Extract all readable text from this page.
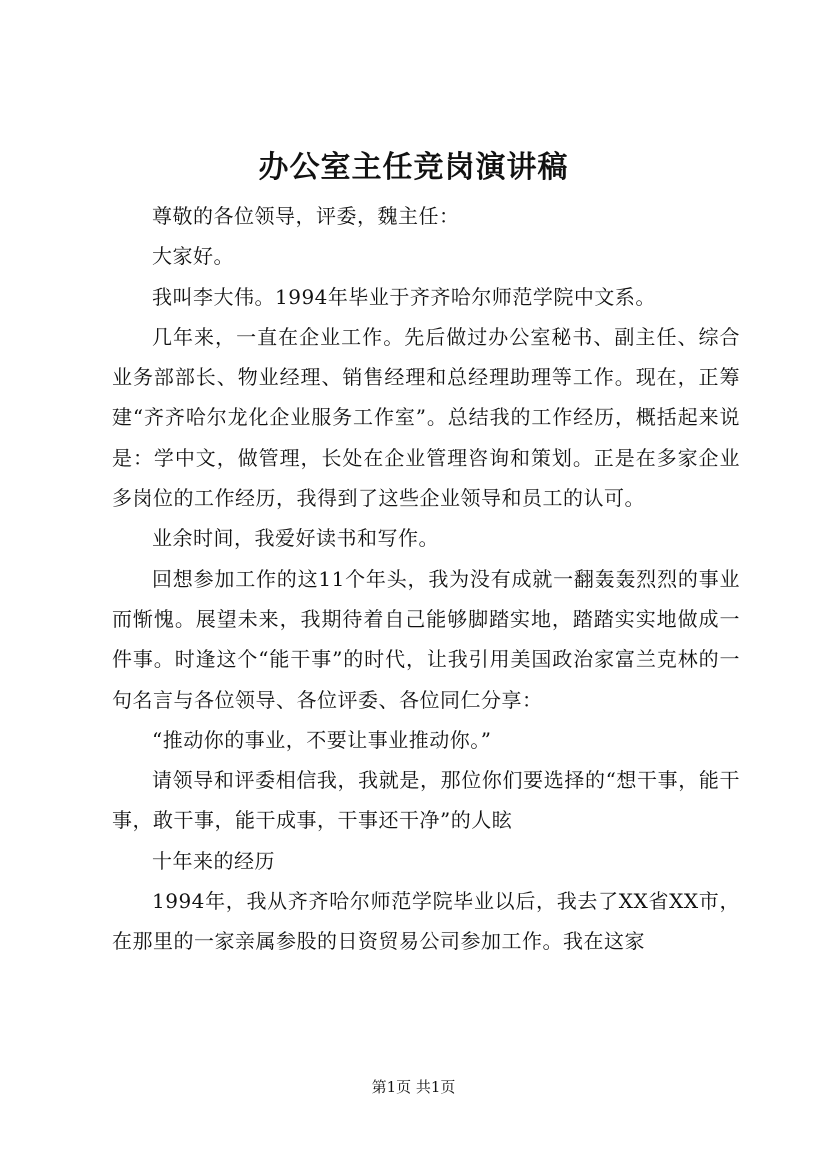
办公室主任竞岗演讲稿

尊敬的各位领导，评委，魏主任：

大家好。

我叫李大伟。1994年毕业于齐齐哈尔师范学院中文系。

几年来，一直在企业工作。先后做过办公室秘书、副主任、综合业务部部长、物业经理、销售经理和总经理助理等工作。现在，正筹建“齐齐哈尔龙化企业服务工作室”。总结我的工作经历，概括起来说是：学中文，做管理，长处在企业管理咨询和策划。正是在多家企业多岗位的工作经历，我得到了这些企业领导和员工的认可。

业余时间，我爱好读书和写作。

回想参加工作的这11个年头，我为没有成就一翻轰轰烈烈的事业而惭愧。展望未来，我期待着自己能够脚踏实地，踏踏实实地做成一件事。时逢这个“能干事”的时代，让我引用美国政治家富兰克林的一句名言与各位领导、各位评委、各位同仁分享：

“推动你的事业，不要让事业推动你。”

请领导和评委相信我，我就是，那位你们要选择的“想干事，能干事，敢干事，能干成事，干事还干净”的人眩

十年来的经历

1994年，我从齐齐哈尔师范学院毕业以后，我去了XX省XX市，在那里的一家亲属参股的日资贸易公司参加工作。我在这家

第1页 共1页
